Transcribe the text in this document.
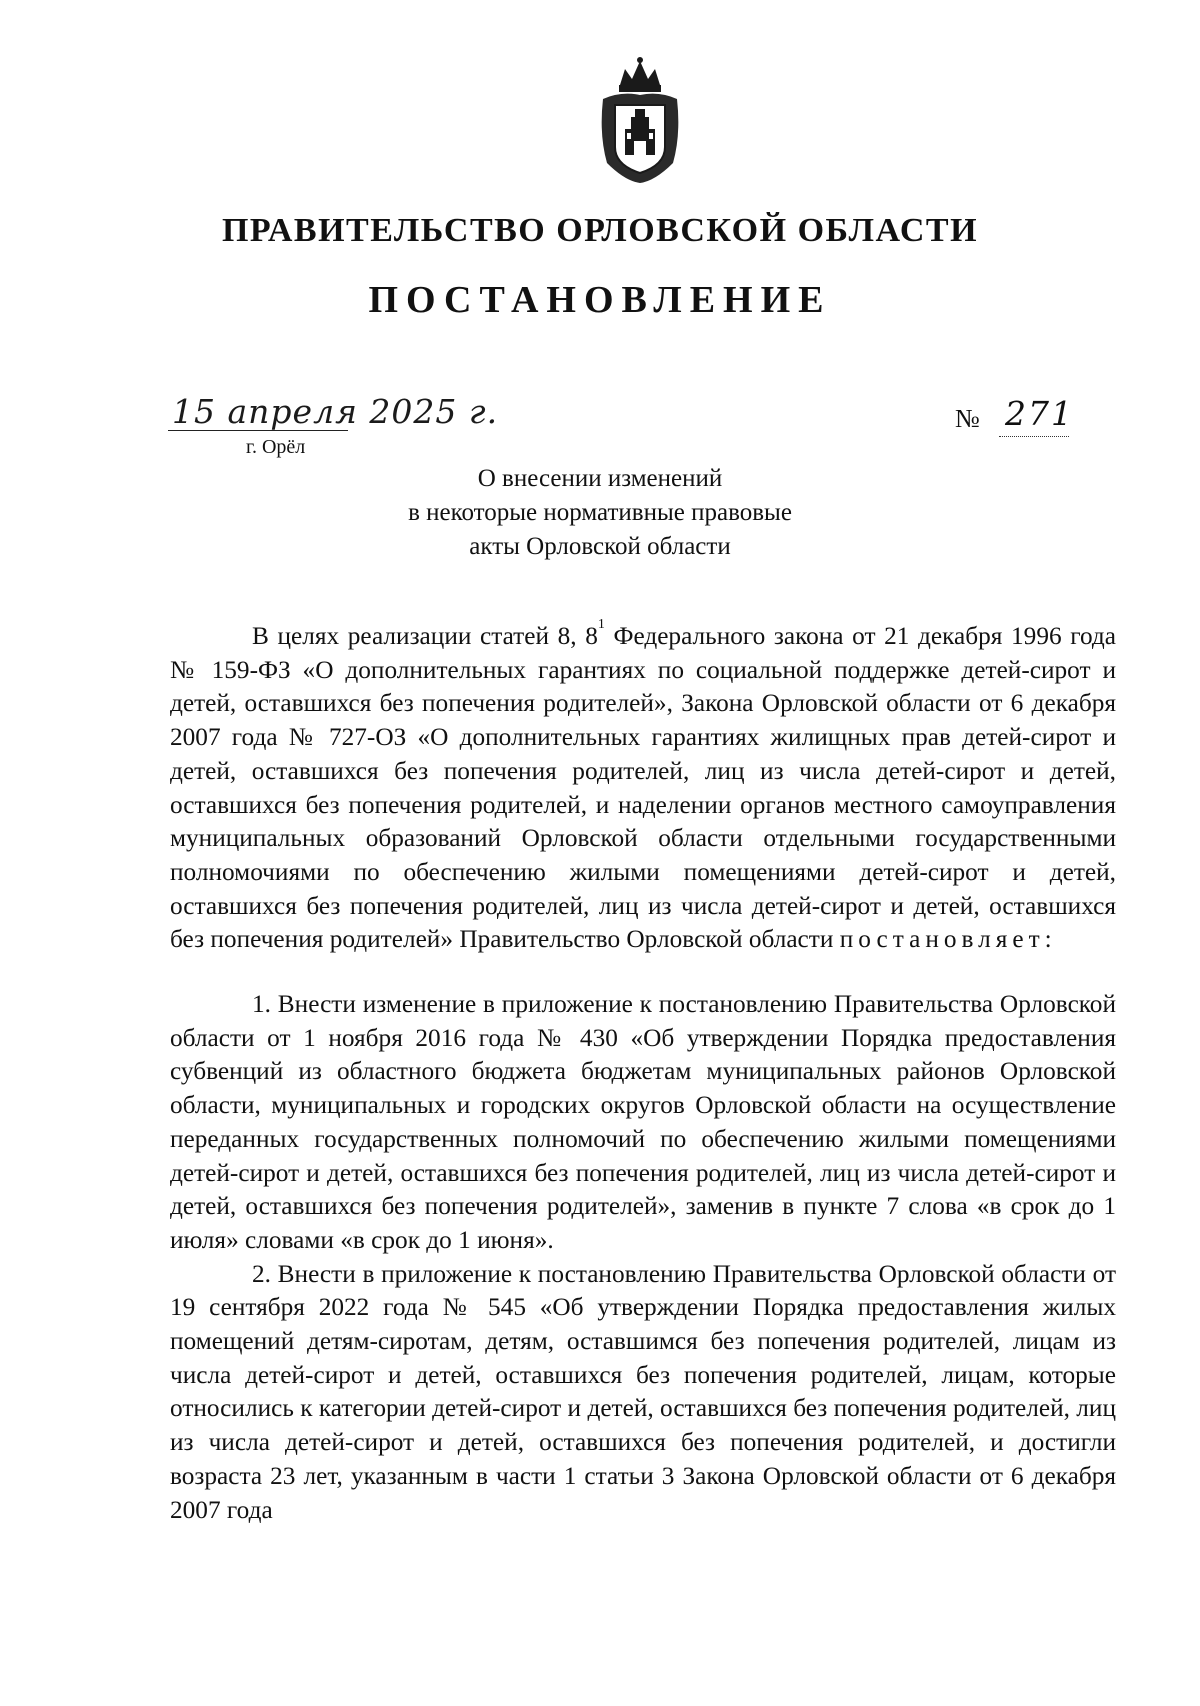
ПРАВИТЕЛЬСТВО ОРЛОВСКОЙ ОБЛАСТИ
ПОСТАНОВЛЕНИЕ
15 апреля 2025 г.
г. Орёл
№ 271
О внесении изменений
в некоторые нормативные правовые
акты Орловской области

В целях реализации статей 8, $8^1$ Федерального закона от 21 декабря 1996 года № 159-ФЗ «О дополнительных гарантиях по социальной поддержке детей-сирот и детей, оставшихся без попечения родителей», Закона Орловской области от 6 декабря 2007 года № 727-ОЗ «О дополнительных гарантиях жилищных прав детей-сирот и детей, оставшихся без попечения родителей, лиц из числа детей-сирот и детей, оставшихся без попечения родителей, и наделении органов местного самоуправления муниципальных образований Орловской области отдельными государственными полномочиями по обеспечению жилыми помещениями детей-сирот и детей, оставшихся без попечения родителей, лиц из числа детей-сирот и детей, оставшихся без попечения родителей» Правительство Орловской области постановляет:

1. Внести изменение в приложение к постановлению Правительства Орловской области от 1 ноября 2016 года № 430 «Об утверждении Порядка предоставления субвенций из областного бюджета бюджетам муниципальных районов Орловской области, муниципальных и городских округов Орловской области на осуществление переданных государственных полномочий по обеспечению жилыми помещениями детей-сирот и детей, оставшихся без попечения родителей, лиц из числа детей-сирот и детей, оставшихся без попечения родителей», заменив в пункте 7 слова «в срок до 1 июля» словами «в срок до 1 июня».

2. Внести в приложение к постановлению Правительства Орловской области от 19 сентября 2022 года № 545 «Об утверждении Порядка предоставления жилых помещений детям-сиротам, детям, оставшимся без попечения родителей, лицам из числа детей-сирот и детей, оставшихся без попечения родителей, лицам, которые относились к категории детей-сирот и детей, оставшихся без попечения родителей, лиц из числа детей-сирот и детей, оставшихся без попечения родителей, и достигли возраста 23 лет, указанным в части 1 статьи 3 Закона Орловской области от 6 декабря 2007 года
